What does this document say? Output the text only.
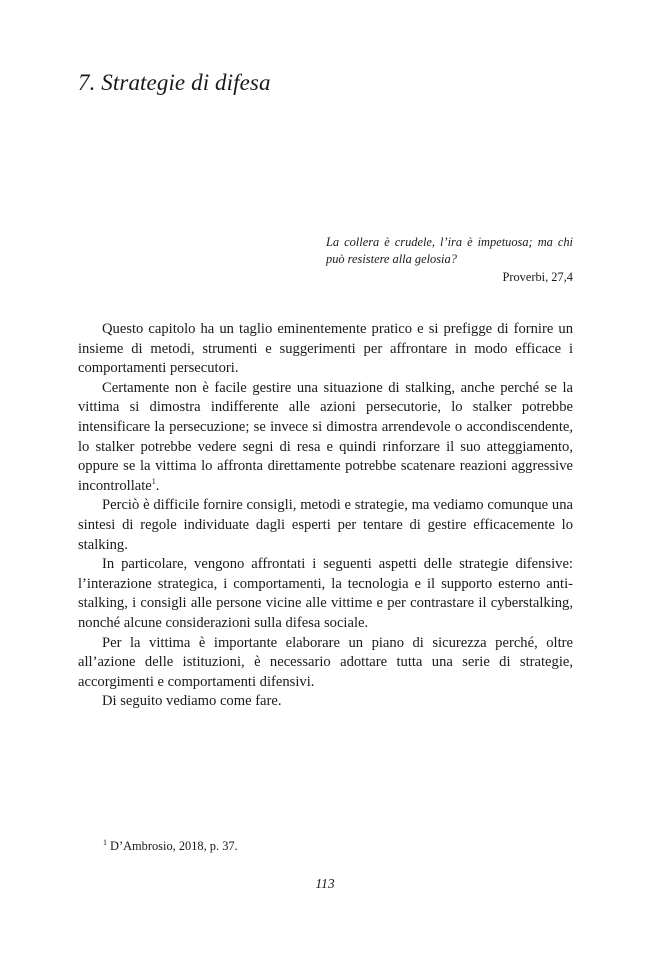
7. Strategie di difesa
La collera è crudele, l’ira è impetuosa; ma chi può resistere alla gelosia?
Proverbi, 27,4

Questo capitolo ha un taglio eminentemente pratico e si prefigge di fornire un insieme di metodi, strumenti e suggerimenti per affrontare in modo efficace i comportamenti persecutori.

Certamente non è facile gestire una situazione di stalking, anche perché se la vittima si dimostra indifferente alle azioni persecutorie, lo stalker potrebbe intensificare la persecuzione; se invece si dimostra arrendevole o accondiscendente, lo stalker potrebbe vedere segni di resa e quindi rinforzare il suo atteggiamento, oppure se la vittima lo affronta direttamente potrebbe scatenare reazioni aggressive incontrollate$^1$.

Perciò è difficile fornire consigli, metodi e strategie, ma vediamo comunque una sintesi di regole individuate dagli esperti per tentare di gestire efficacemente lo stalking.

In particolare, vengono affrontati i seguenti aspetti delle strategie difensive: l’interazione strategica, i comportamenti, la tecnologia e il supporto esterno anti-stalking, i consigli alle persone vicine alle vittime e per contrastare il cyberstalking, nonché alcune considerazioni sulla difesa sociale.

Per la vittima è importante elaborare un piano di sicurezza perché, oltre all’azione delle istituzioni, è necessario adottare tutta una serie di strategie, accorgimenti e comportamenti difensivi.

Di seguito vediamo come fare.

$^1$ D’Ambrosio, 2018, p. 37.
113
